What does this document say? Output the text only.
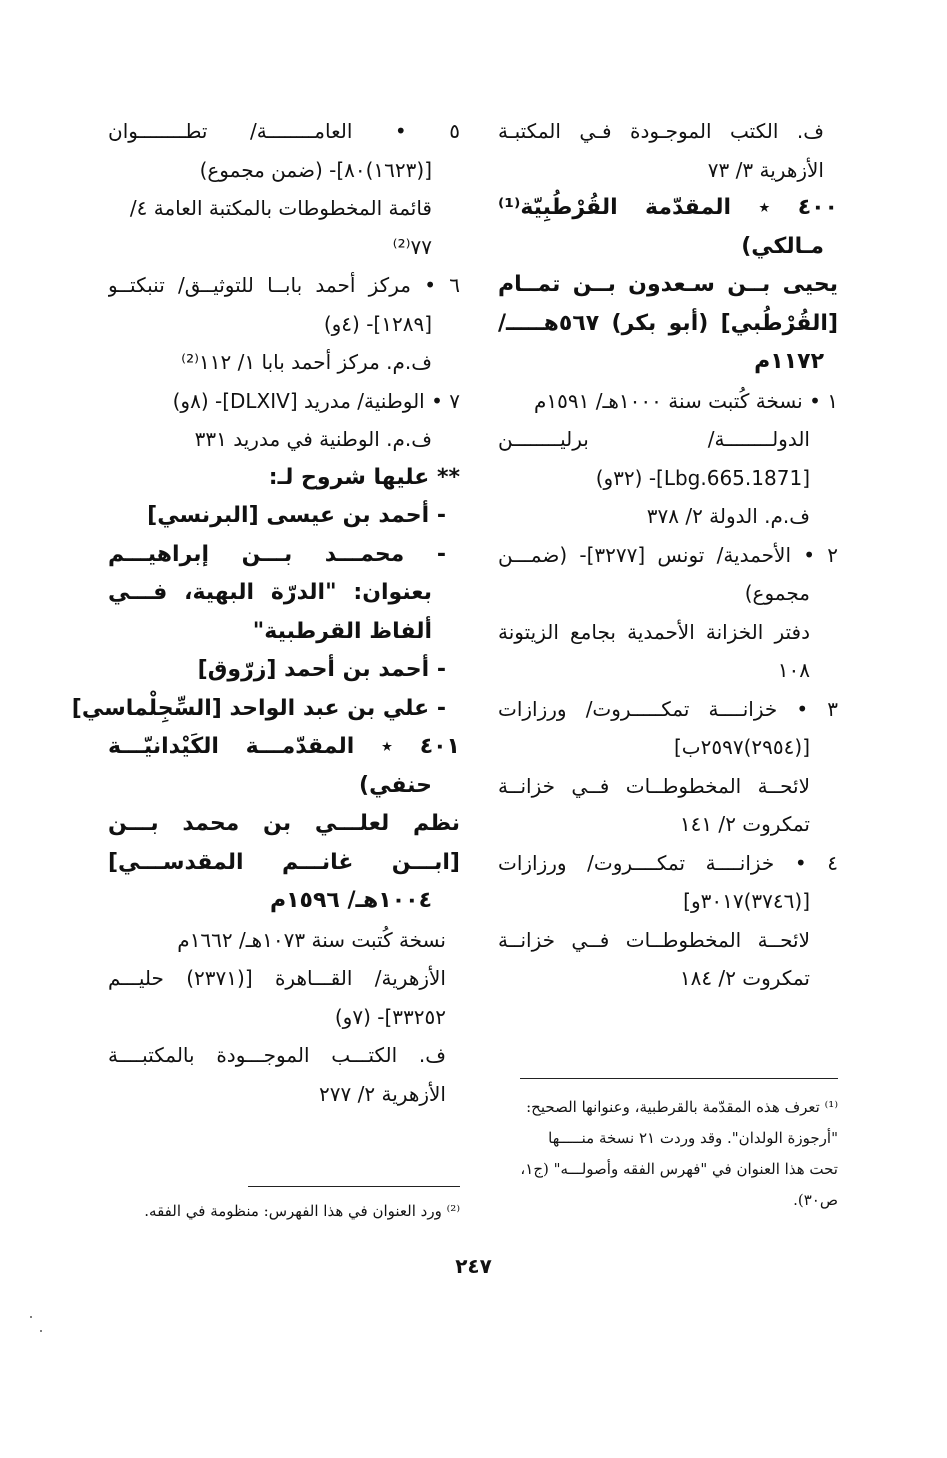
ف. الكتب الموجـودة فـي المكتبـة
الأزهرية ٣/ ٧٣
٤٠٠ ٭ المقدّمة القُرْطُبِيّة⁽¹⁾
مـالكي)
يحيى بــن سـعدون بــن تمــام
[القُرْطُبي] (أبو بكر) ٥٦٧هـــــ/
١١٧٢م
١ • نسخة كُتبت سنة ١٠٠٠هـ/ ١٥٩١م
الدولــــــــة/ برليــــــــن
[1871.Lbg.665]- (٣٢و)
ف.م. الدولة ٢/ ٣٧٨
٢ • الأحمدية/ تونس [٣٢٧٧]- (ضمـــن
مجموع)
دفتر الخزانة الأحمدية بجامع الزيتونة
١٠٨
٣ • خزانــــة تمكـــــروت/ ورزازات
[(٢٩٥٤)٢٥٩٧ب]
لائحــة المخطوطــات فــي خزانــة
تمكروت ٢/ ١٤١
٤ • خزانــــة تمكــــروت/ ورزازات
[(٣٧٤٦)٣٠١٧و]
لائحــة المخطوطــات فــي خزانــة
تمكروت ٢/ ١٨٤
٥ • العامــــــــة/ تطــــــــوان
[(١٦٢٣)٨٠]- (ضمن مجموع)
قائمة المخطوطات بالمكتبة العامة ٤/
٧٧⁽²⁾
٦ • مركز أحمد بابــا للتوثيــق/ تنبكتــو
[١٢٨٩]- (٤و)
ف.م. مركز أحمد بابا ١/ ١١٢⁽²⁾
٧ • الوطنية/ مدريد [DLXIV]- (٨و)
ف.م. الوطنية في مدريد ٣٣١
** عليها شروح لـ:
- أحمد بن عيسى [البرنسي]
- محمـــد بـــن إبراهيـــم
بعنوان: "الدرّة البهية، فـــي
ألفاظ القرطبية"
- أحمد بن أحمد [زرّوق]
- علي بن عبد الواحد [السِّجِلْماسي]
٤٠١ ٭ المقدّمـــة الكَيْدانيّـــة
حنفي)
نظم لعلـــي بن محمد بـــن
[ابـــن غانـــم المقدســـي]
١٠٠٤هـ/ ١٥٩٦م
نسخة كُتبت سنة ١٠٧٣هـ/ ١٦٦٢م
الأزهرية/ القـــاهرة [(٢٣٧١) حليـــم
٣٣٢٥٢]- (٧و)
ف. الكتـــب الموجـــودة بالمكتبــــة
الأزهرية ٢/ ٢٧٧
⁽¹⁾ تعرف هذه المقدّمة بالقرطبية، وعنوانها الصحيح:
"أرجوزة الولدان". وقد وردت ٢١ نسخة منـــــها
تحت هذا العنوان في "فهرس الفقه وأصولـــه" (ج١،
ص٣٠).
⁽²⁾ ورد العنوان في هذا الفهرس: منظومة في الفقه.
٢٤٧
